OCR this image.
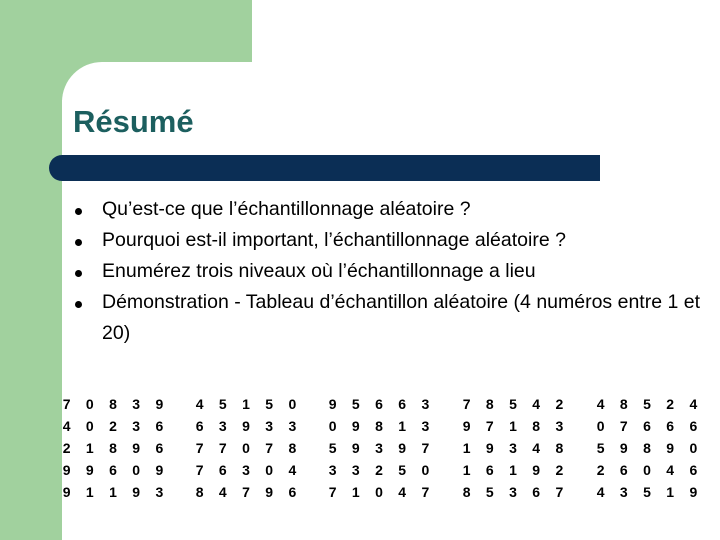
Résumé
Qu’est-ce que l’échantillonnage aléatoire ?
Pourquoi est-il important, l’échantillonnage aléatoire ?
Enumérez trois niveaux où l’échantillonnage a lieu
Démonstration - Tableau d’échantillon aléatoire (4 numéros entre 1 et 20)
7 0 8 3 9
4 0 2 3 6
2 1 8 9 6
9 9 6 0 9
9 1 1 9 3
4 5 1 5 0
6 3 9 3 3
7 7 0 7 8
7 6 3 0 4
8 4 7 9 6
9 5 6 6 3
0 9 8 1 3
5 9 3 9 7
3 3 2 5 0
7 1 0 4 7
7 8 5 4 2
9 7 1 8 3
1 9 3 4 8
1 6 1 9 2
8 5 3 6 7
4 8 5 2 4
0 7 6 6 6
5 9 8 9 0
2 6 0 4 6
4 3 5 1 9
